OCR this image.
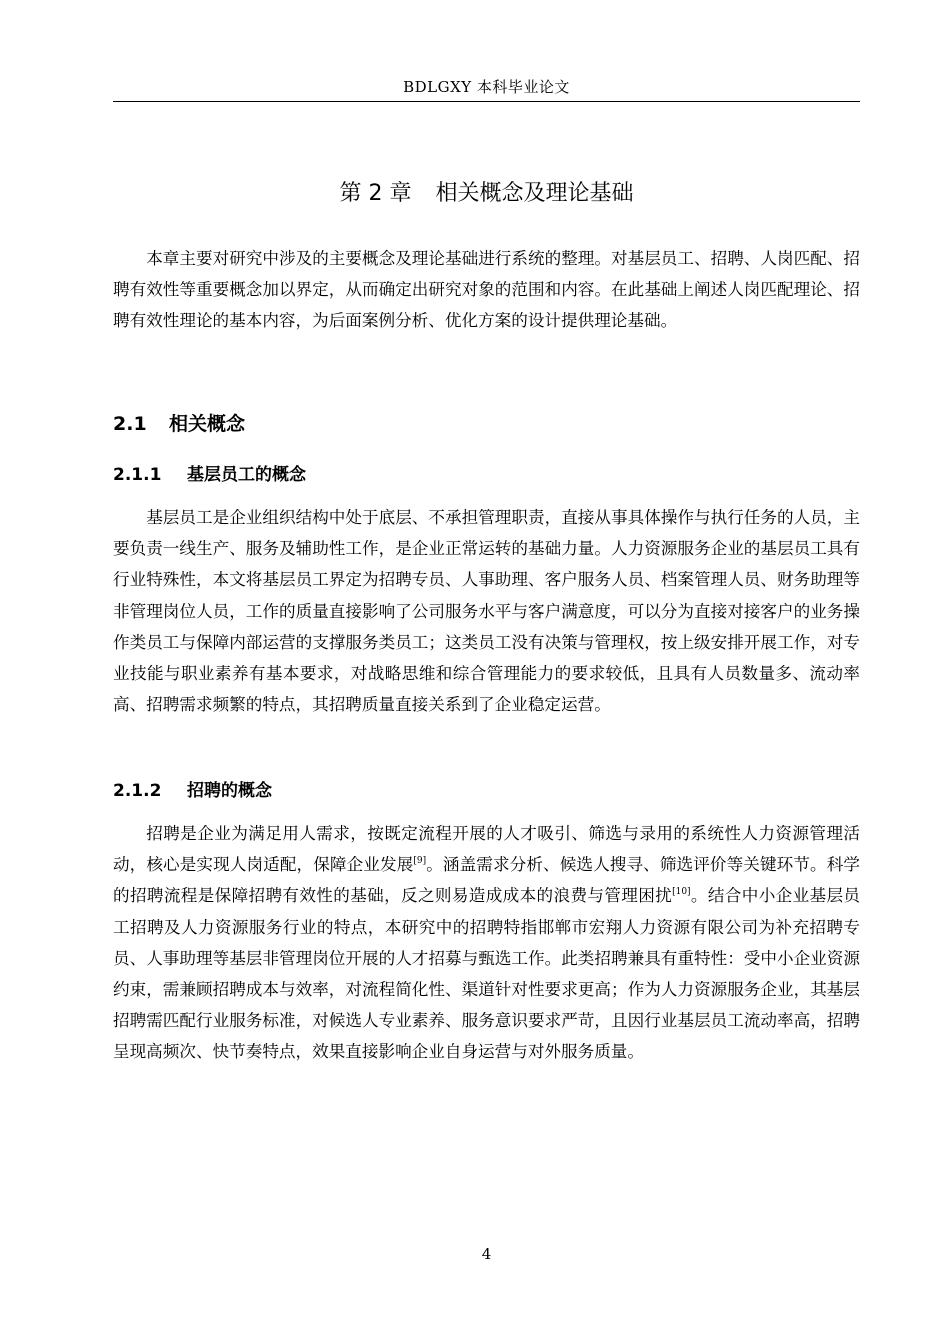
BDLGXY 本科毕业论文
第 2 章 相关概念及理论基础

本章主要对研究中涉及的主要概念及理论基础进行系统的整理。对基层员工、招聘、人岗匹配、招聘有效性等重要概念加以界定，从而确定出研究对象的范围和内容。在此基础上阐述人岗匹配理论、招聘有效性理论的基本内容，为后面案例分析、优化方案的设计提供理论基础。

2.1 相关概念
2.1.1 基层员工的概念

基层员工是企业组织结构中处于底层、不承担管理职责，直接从事具体操作与执行任务的人员，主要负责一线生产、服务及辅助性工作，是企业正常运转的基础力量。人力资源服务企业的基层员工具有行业特殊性，本文将基层员工界定为招聘专员、人事助理、客户服务人员、档案管理人员、财务助理等非管理岗位人员，工作的质量直接影响了公司服务水平与客户满意度，可以分为直接对接客户的业务操作类员工与保障内部运营的支撑服务类员工；这类员工没有决策与管理权，按上级安排开展工作，对专业技能与职业素养有基本要求，对战略思维和综合管理能力的要求较低，且具有人员数量多、流动率高、招聘需求频繁的特点，其招聘质量直接关系到了企业稳定运营。

2.1.2 招聘的概念

招聘是企业为满足用人需求，按既定流程开展的人才吸引、筛选与录用的系统性人力资源管理活动，核心是实现人岗适配，保障企业发展[9]。涵盖需求分析、候选人搜寻、筛选评价等关键环节。科学的招聘流程是保障招聘有效性的基础，反之则易造成成本的浪费与管理困扰[10]。结合中小企业基层员工招聘及人力资源服务行业的特点，本研究中的招聘特指邯郸市宏翔人力资源有限公司为补充招聘专员、人事助理等基层非管理岗位开展的人才招募与甄选工作。此类招聘兼具有重特性：受中小企业资源约束，需兼顾招聘成本与效率，对流程简化性、渠道针对性要求更高；作为人力资源服务企业，其基层招聘需匹配行业服务标准，对候选人专业素养、服务意识要求严苛，且因行业基层员工流动率高，招聘呈现高频次、快节奏特点，效果直接影响企业自身运营与对外服务质量。

4
